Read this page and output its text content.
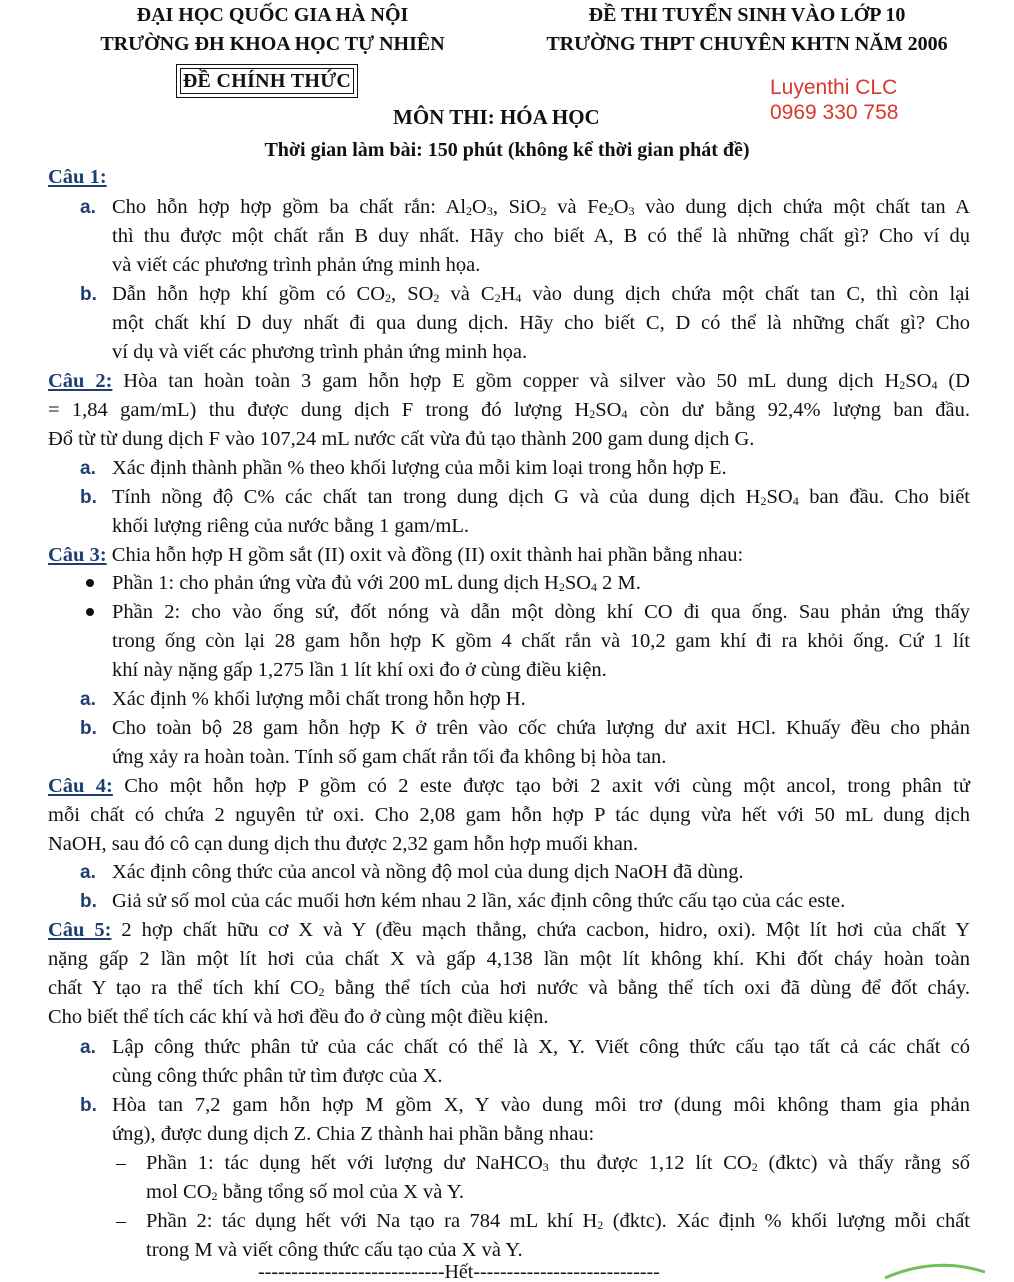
ĐẠI HỌC QUỐC GIA HÀ NỘI
TRƯỜNG ĐH KHOA HỌC TỰ NHIÊN
ĐỀ THI TUYỂN SINH VÀO LỚP 10
TRƯỜNG THPT CHUYÊN KHTN NĂM 2006
ĐỀ CHÍNH THỨC	Luyenthi CLC
0969 330 758
MÔN THI: HÓA HỌC
Thời gian làm bài: 150 phút (không kể thời gian phát đề)
Câu 1:
a. Cho hỗn hợp hợp gồm ba chất rắn: $Al_2O_3$, SiO$_2$ và $Fe_2O_3$ vào dung dịch chứa một chất tan A
thì thu được một chất rắn B duy nhất. Hãy cho biết A, B có thể là những chất gì? Cho ví dụ
và viết các phương trình phản ứng minh họa.
b. Dẫn hỗn hợp khí gồm có $CO_2$, $SO_2$ và $C_2H_4$ vào dung dịch chứa một chất tan C, thì còn lại
một chất khí D duy nhất đi qua dung dịch. Hãy cho biết C, D có thể là những chất gì? Cho
ví dụ và viết các phương trình phản ứng minh họa.
Câu 2: Hòa tan hoàn toàn 3 gam hỗn hợp E gồm copper và silver vào 50 mL dung dịch $H_2SO_4$ (D
= 1,84 gam/mL) thu được dung dịch F trong đó lượng $H_2SO_4$ còn dư bằng 92,4% lượng ban đầu.
Đổ từ từ dung dịch F vào 107,24 mL nước cất vừa đủ tạo thành 200 gam dung dịch G.
a. Xác định thành phần % theo khối lượng của mỗi kim loại trong hỗn hợp E.
b. Tính nồng độ C% các chất tan trong dung dịch G và của dung dịch $H_2SO_4$ ban đầu. Cho biết
khối lượng riêng của nước bằng 1 gam/mL.
Câu 3: Chia hỗn hợp H gồm sắt (II) oxit và đồng (II) oxit thành hai phần bằng nhau:
Phần 1: cho phản ứng vừa đủ với 200 mL dung dịch $H_2SO_4$ 2 M.
Phần 2: cho vào ống sứ, đốt nóng và dẫn một dòng khí CO đi qua ống. Sau phản ứng thấy
trong ống còn lại 28 gam hỗn hợp K gồm 4 chất rắn và 10,2 gam khí đi ra khỏi ống. Cứ 1 lít
khí này nặng gấp 1,275 lần 1 lít khí oxi đo ở cùng điều kiện.
a. Xác định % khối lượng mỗi chất trong hỗn hợp H.
b. Cho toàn bộ 28 gam hỗn hợp K ở trên vào cốc chứa lượng dư axit HCl. Khuấy đều cho phản
ứng xảy ra hoàn toàn. Tính số gam chất rắn tối đa không bị hòa tan.
Câu 4: Cho một hỗn hợp P gồm có 2 este được tạo bởi 2 axit với cùng một ancol, trong phân tử
mỗi chất có chứa 2 nguyên tử oxi. Cho 2,08 gam hỗn hợp P tác dụng vừa hết với 50 mL dung dịch
NaOH, sau đó cô cạn dung dịch thu được 2,32 gam hỗn hợp muối khan.
a. Xác định công thức của ancol và nồng độ mol của dung dịch NaOH đã dùng.
b. Giả sử số mol của các muối hơn kém nhau 2 lần, xác định công thức cấu tạo của các este.
Câu 5: 2 hợp chất hữu cơ X và Y (đều mạch thẳng, chứa cacbon, hidro, oxi). Một lít hơi của chất Y
nặng gấp 2 lần một lít hơi của chất X và gấp 4,138 lần một lít không khí. Khi đốt cháy hoàn toàn
chất Y tạo ra thể tích khí $CO_2$ bằng thể tích của hơi nước và bằng thể tích oxi đã dùng để đốt cháy.
Cho biết thể tích các khí và hơi đều đo ở cùng một điều kiện.
a. Lập công thức phân tử của các chất có thể là X, Y. Viết công thức cấu tạo tất cả các chất có
cùng công thức phân tử tìm được của X.
b. Hòa tan 7,2 gam hỗn hợp M gồm X, Y vào dung môi trơ (dung môi không tham gia phản
ứng), được dung dịch Z. Chia Z thành hai phần bằng nhau:
– Phần 1: tác dụng hết với lượng dư NaHCO$_3$ thu được 1,12 lít $CO_2$ (đktc) và thấy rằng số
mol $CO_2$ bằng tổng số mol của X và Y.
– Phần 2: tác dụng hết với Na tạo ra 784 mL khí $H_2$ (đktc). Xác định % khối lượng mỗi chất
trong M và viết công thức cấu tạo của X và Y.
----------------------------Hết----------------------------
